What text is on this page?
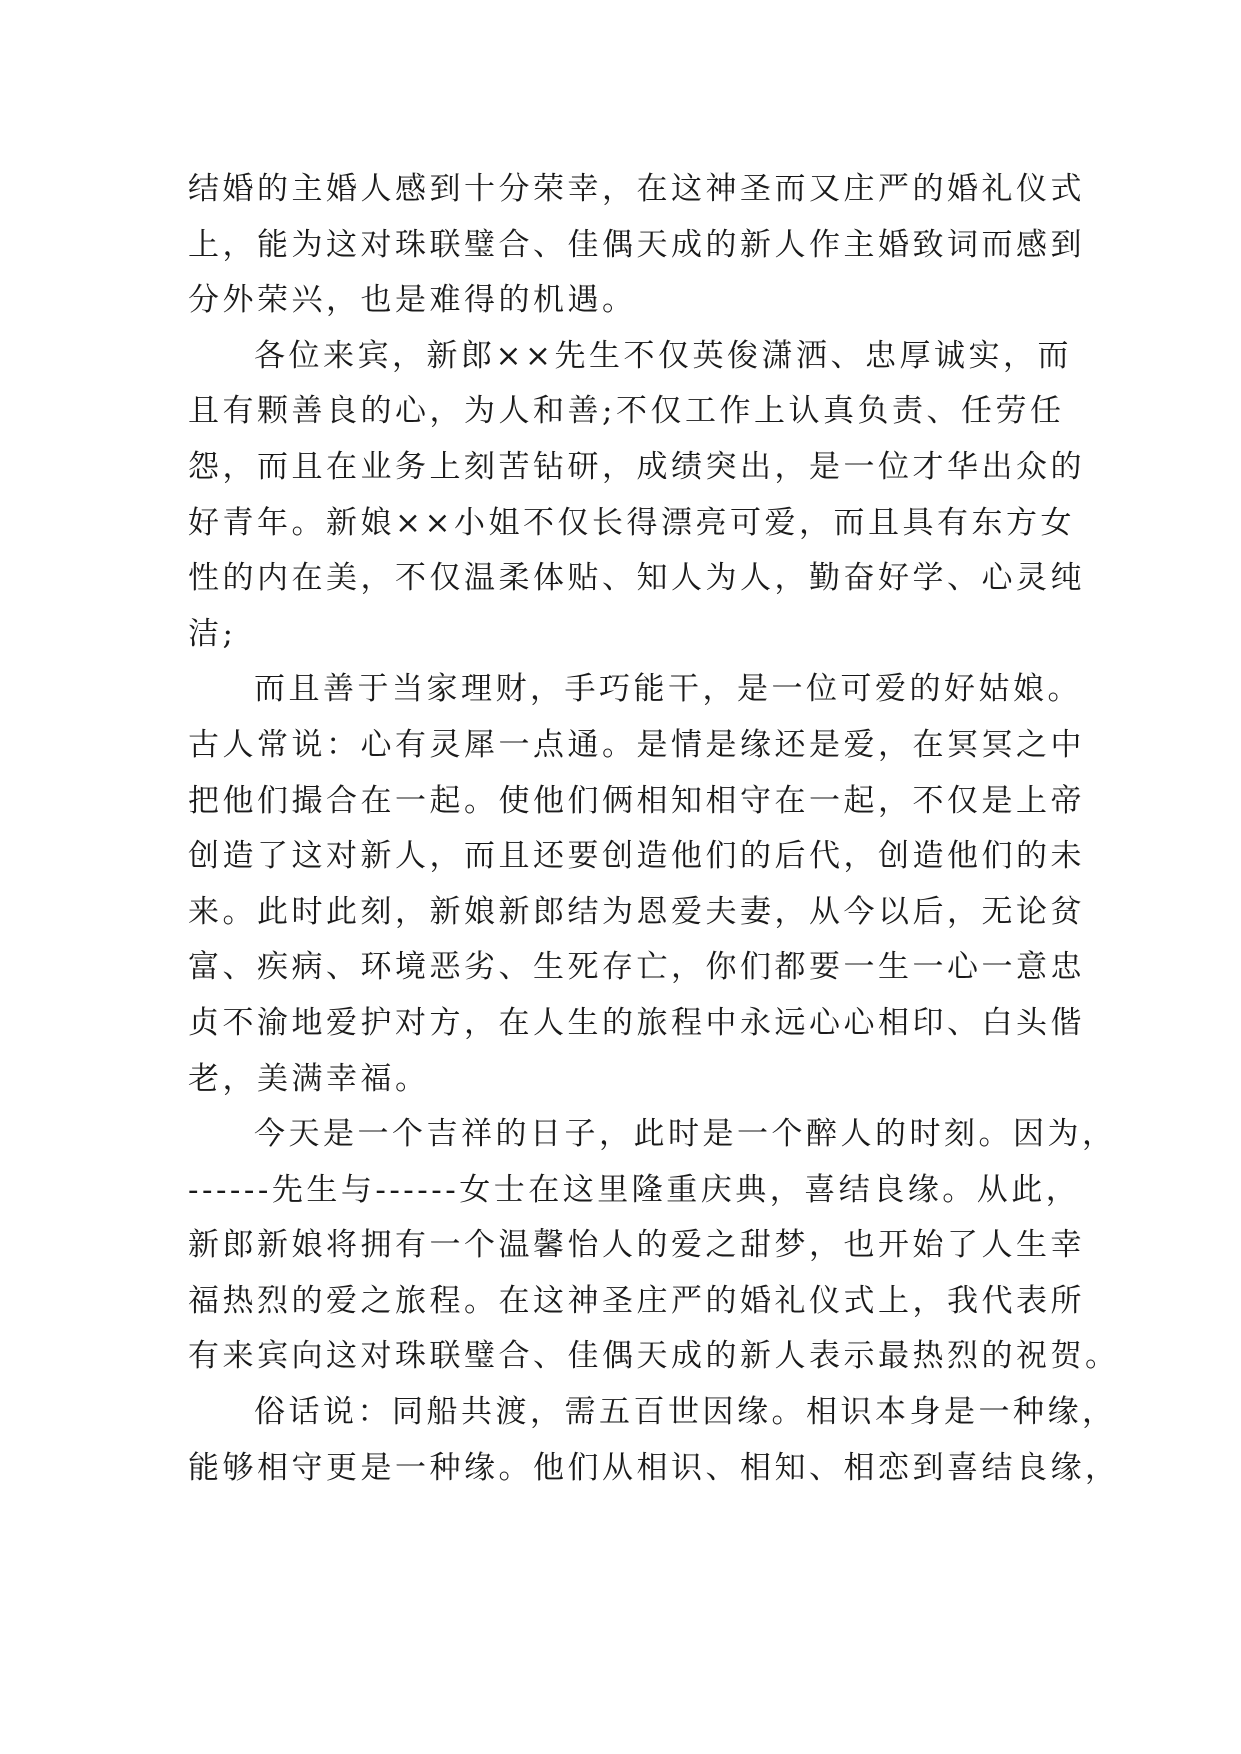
结婚的主婚人感到十分荣幸，在这神圣而又庄严的婚礼仪式
上，能为这对珠联璧合、佳偶天成的新人作主婚致词而感到
分外荣兴，也是难得的机遇。
各位来宾，新郎××先生不仅英俊潇洒、忠厚诚实，而
且有颗善良的心，为人和善;不仅工作上认真负责、任劳任
怨，而且在业务上刻苦钻研，成绩突出，是一位才华出众的
好青年。新娘××小姐不仅长得漂亮可爱，而且具有东方女
性的内在美，不仅温柔体贴、知人为人，勤奋好学、心灵纯
洁;
而且善于当家理财，手巧能干，是一位可爱的好姑娘。
古人常说：心有灵犀一点通。是情是缘还是爱，在冥冥之中
把他们撮合在一起。使他们俩相知相守在一起，不仅是上帝
创造了这对新人，而且还要创造他们的后代，创造他们的未
来。此时此刻，新娘新郎结为恩爱夫妻，从今以后，无论贫
富、疾病、环境恶劣、生死存亡，你们都要一生一心一意忠
贞不渝地爱护对方，在人生的旅程中永远心心相印、白头偕
老，美满幸福。
今天是一个吉祥的日子，此时是一个醉人的时刻。因为，
------先生与------女士在这里隆重庆典，喜结良缘。从此，
新郎新娘将拥有一个温馨怡人的爱之甜梦，也开始了人生幸
福热烈的爱之旅程。在这神圣庄严的婚礼仪式上，我代表所
有来宾向这对珠联璧合、佳偶天成的新人表示最热烈的祝贺。
俗话说：同船共渡，需五百世因缘。相识本身是一种缘，
能够相守更是一种缘。他们从相识、相知、相恋到喜结良缘，
